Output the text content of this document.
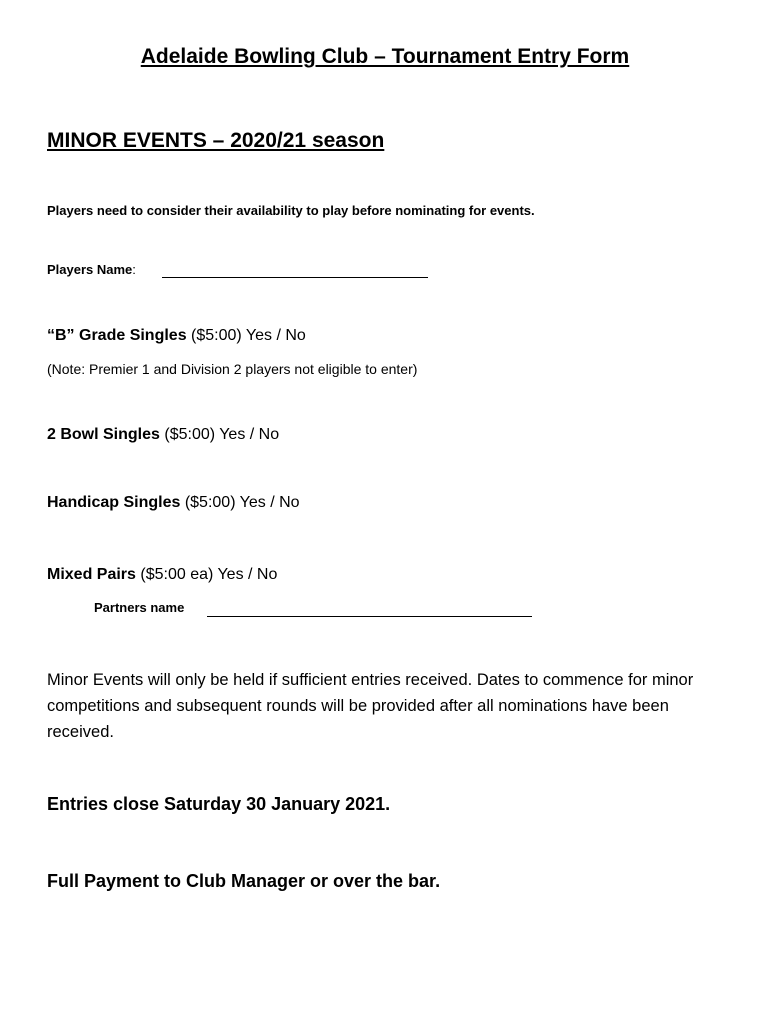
Adelaide Bowling Club – Tournament Entry Form
MINOR EVENTS – 2020/21 season
Players need to consider their availability to play before nominating for events.
Players Name:
“B” Grade Singles ($5:00) Yes / No
(Note: Premier 1 and Division 2 players not eligible to enter)
2 Bowl Singles ($5:00) Yes / No
Handicap Singles ($5:00) Yes / No
Mixed Pairs ($5:00 ea) Yes / No
Partners name
Minor Events will only be held if sufficient entries received. Dates to commence for minor competitions and subsequent rounds will be provided after all nominations have been received.
Entries close Saturday 30 January 2021.
Full Payment to Club Manager or over the bar.
